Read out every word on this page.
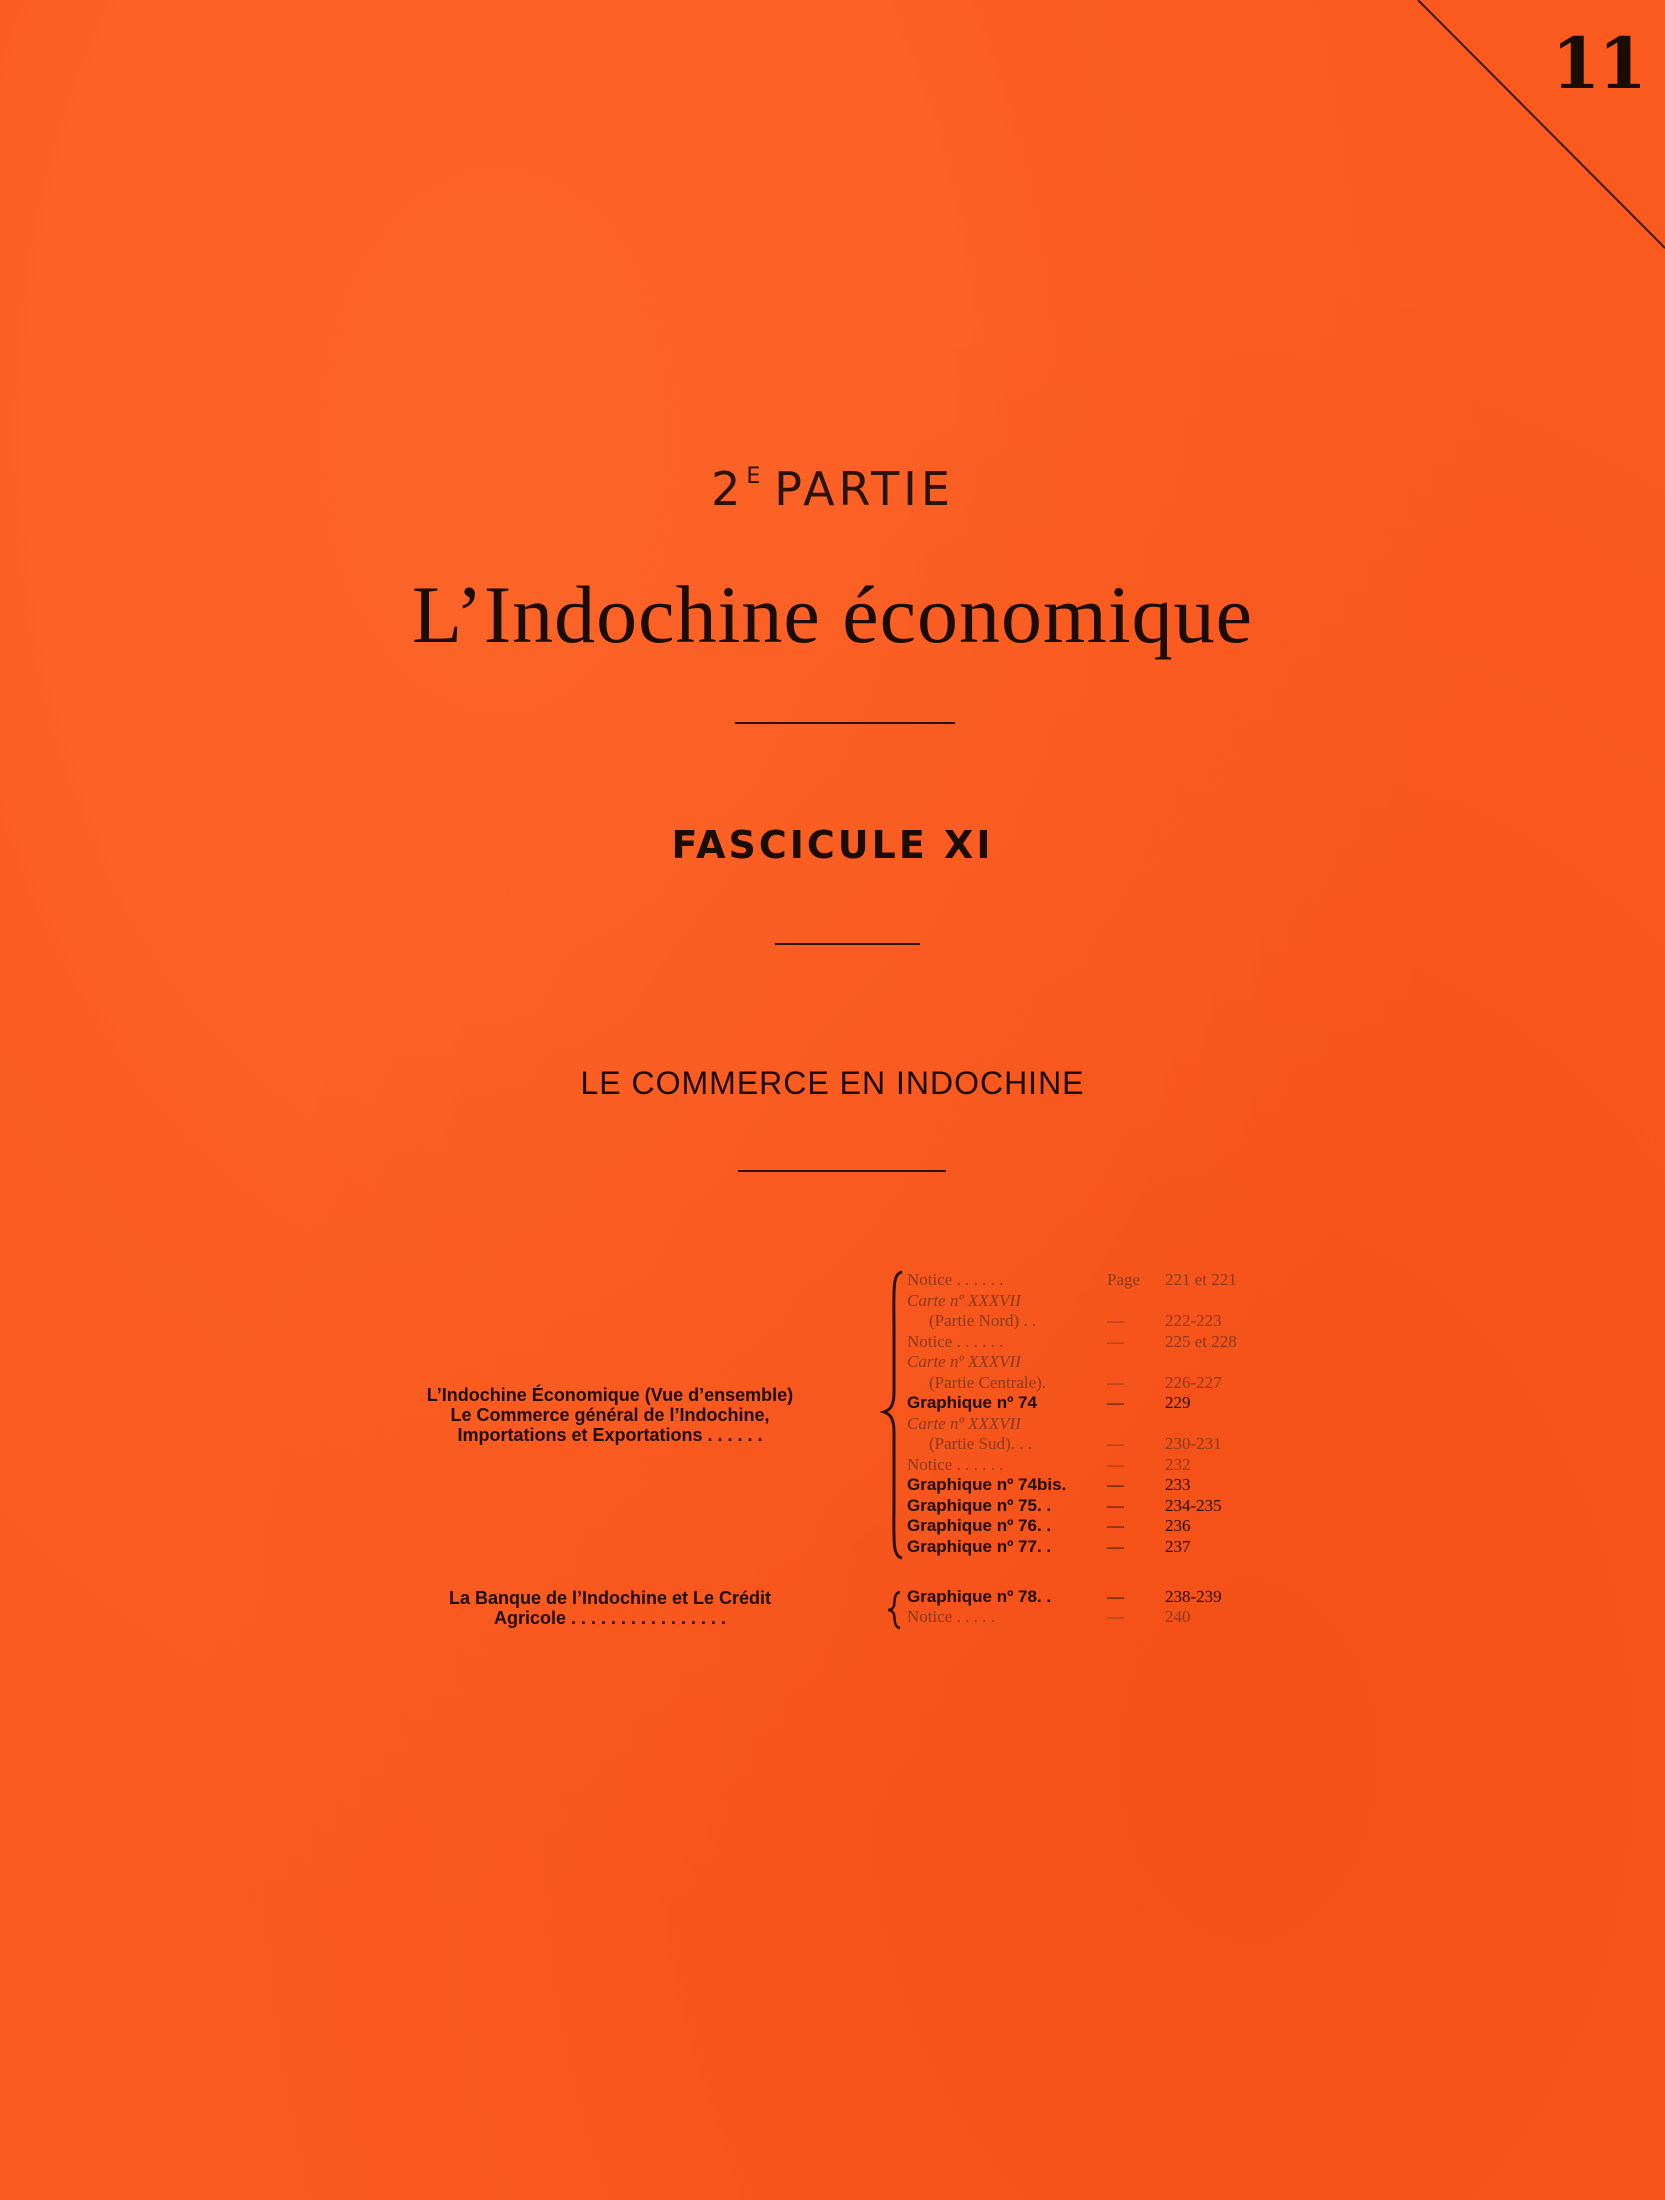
11
$2^E$ PARTIE
L’Indochine économique
FASCICULE XI
LE COMMERCE EN INDOCHINE
L’Indochine Économique (Vue d’ensemble)
Le Commerce général de l’Indochine,
Importations et Exportations . . . . . .
Notice . . . . . .	Page 221 et 221
Carte nº XXXVII
(Partie Nord) . .	— 222-223
Notice . . . . . .	— 225 et 228
Carte nº XXXVII
(Partie Centrale).	— 226-227
Graphique nº 74	— 229
Carte nº XXXVII
(Partie Sud). . .	— 230-231
Notice . . . . . .	— 232
Graphique nº 74bis. — 233
Graphique nº 75. .	— 234-235
Graphique nº 76. .	— 236
Graphique nº 77. .	— 237
La Banque de l’Indochine et Le Crédit
Agricole . . . . . . . . . . . . . . . .
Graphique nº 78. .	— 238-239
Notice . . . . .	— 240
